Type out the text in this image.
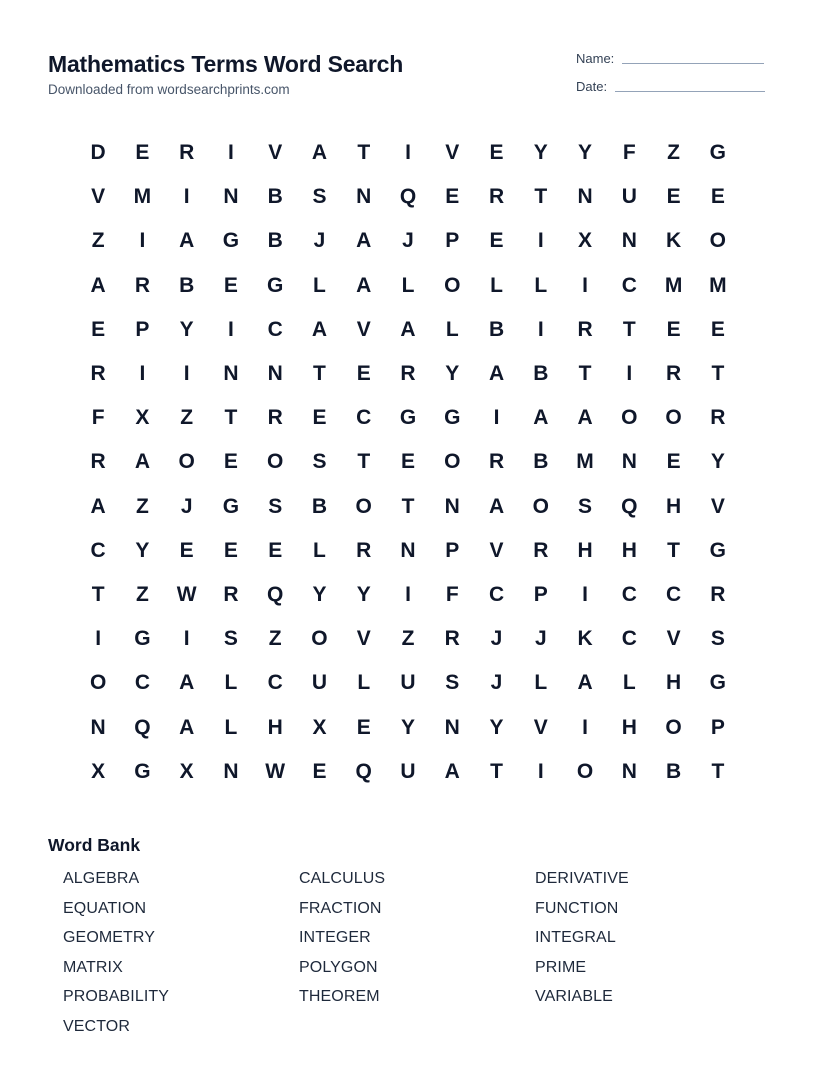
Mathematics Terms Word Search
Downloaded from wordsearchprints.com
Name:
Date:
D	E	R	I	V	A	T	I	V	E	Y	Y	F	Z	G
V	M	I	N	B	S	N	Q	E	R	T	N	U	E	E
Z	I	A	G	B	J	A	J	P	E	I	X	N	K	O
A	R	B	E	G	L	A	L	O	L	L	I	C	M	M
E	P	Y	I	C	A	V	A	L	B	I	R	T	E	E
R	I	I	N	N	T	E	R	Y	A	B	T	I	R	T
F	X	Z	T	R	E	C	G	G	I	A	A	O	O	R
R	A	O	E	O	S	T	E	O	R	B	M	N	E	Y
A	Z	J	G	S	B	O	T	N	A	O	S	Q	H	V
C	Y	E	E	E	L	R	N	P	V	R	H	H	T	G
T	Z	W	R	Q	Y	Y	I	F	C	P	I	C	C	R
I	G	I	S	Z	O	V	Z	R	J	J	K	C	V	S
O	C	A	L	C	U	L	U	S	J	L	A	L	H	G
N	Q	A	L	H	X	E	Y	N	Y	V	I	H	O	P
X	G	X	N	W	E	Q	U	A	T	I	O	N	B	T
Word Bank
ALGEBRA	CALCULUS	DERIVATIVE
EQUATION	FRACTION	FUNCTION
GEOMETRY	INTEGER	INTEGRAL
MATRIX	POLYGON	PRIME
PROBABILITY	THEOREM	VARIABLE
VECTOR
